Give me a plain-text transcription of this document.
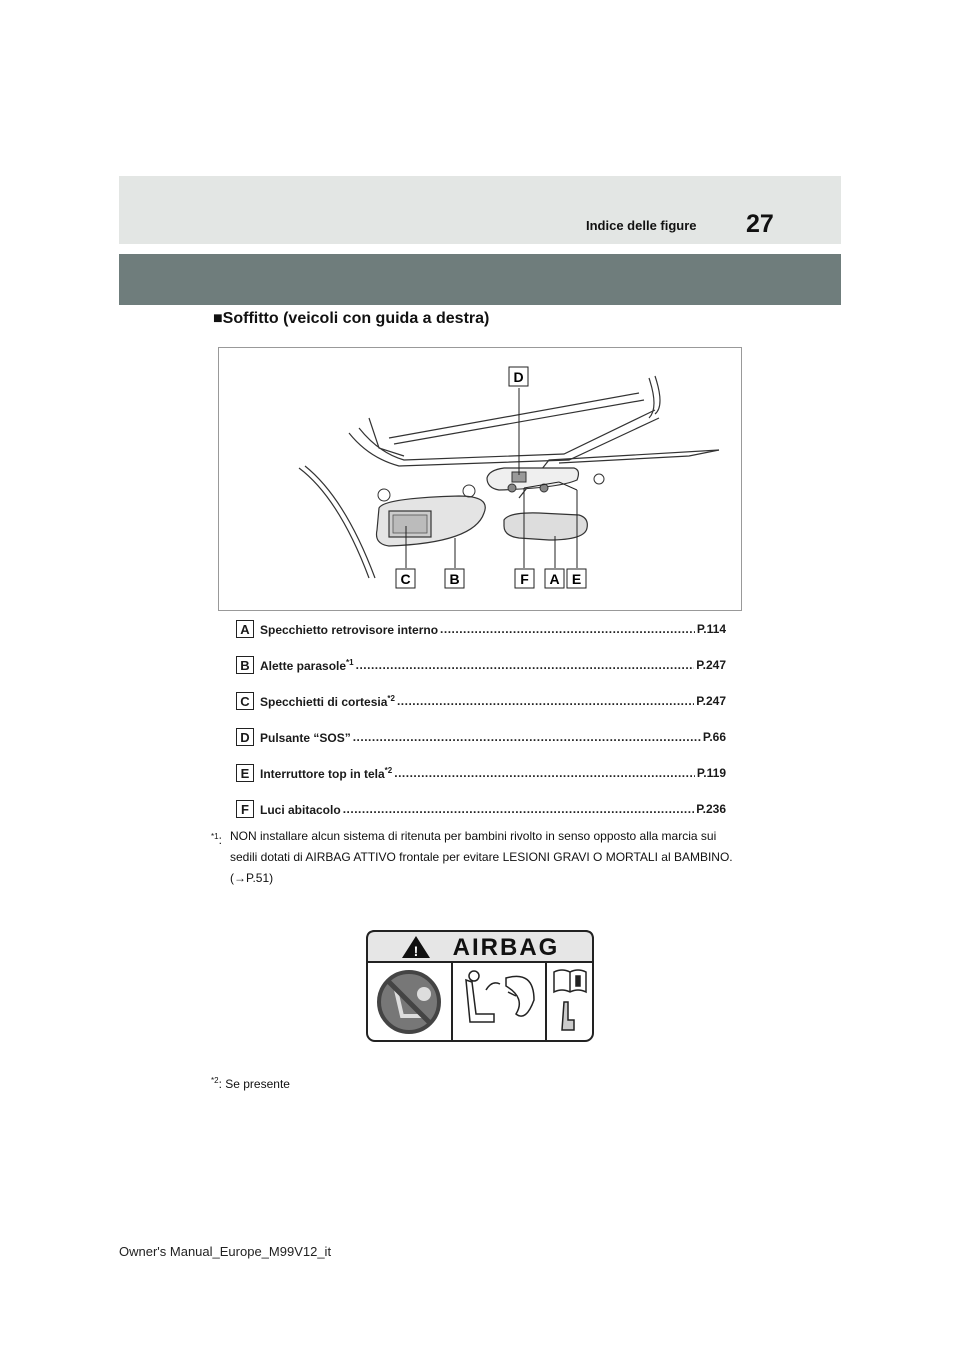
27
Indice delle figure
■Soffitto (veicoli con guida a destra)
D
C	B	F A E
A Specchietto retrovisore interno .....	P.114
B Alette parasole$^{*1}$ .....	P.247
C Specchietti di cortesia$^{*2}$ .....	P.247
D Pulsante “SOS” .....	P.66
E Interruttore top in tela$^{*2}$ .....	P.119
F Luci abitacolo .....	P.236
$^{*1}$: NON installare alcun sistema di ritenuta per bambini rivolto in senso opposto alla marcia sui sedili dotati di AIRBAG ATTIVO frontale per evitare LESIONI GRAVI O MORTALI al BAMBINO. (→P.51)
! AIRBAG
$^{*2}$: Se presente
Owner's Manual_Europe_M99V12_it
